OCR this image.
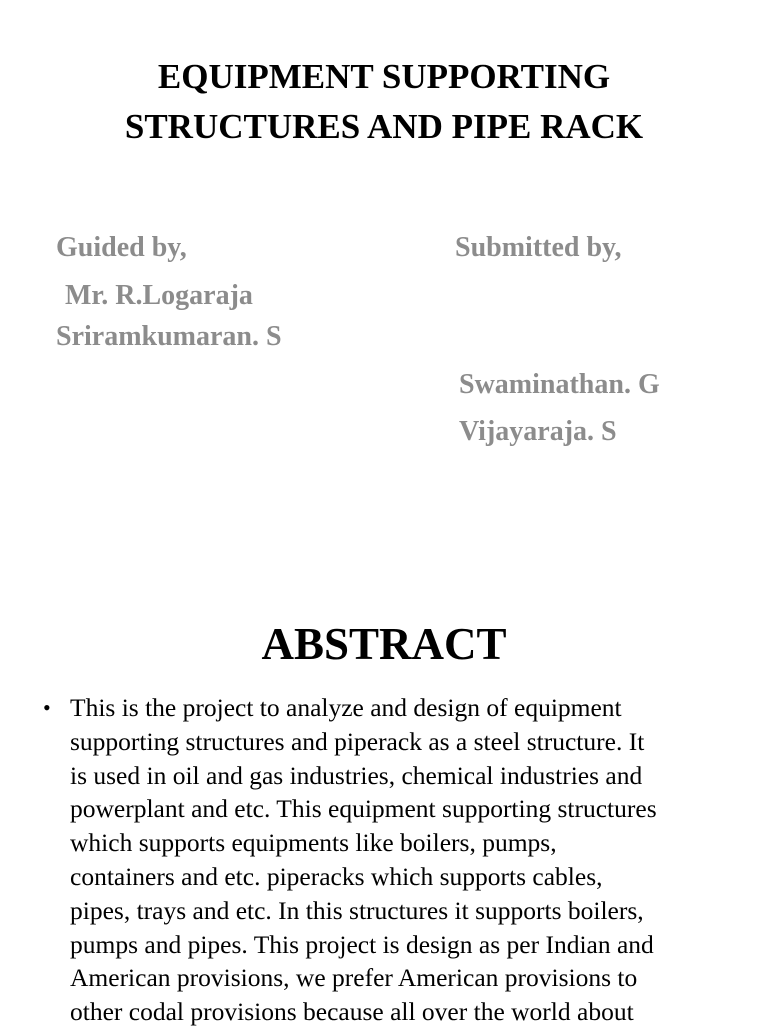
EQUIPMENT SUPPORTING
STRUCTURES AND PIPE RACK
Guided by,	Submitted by,
Mr. R.Logaraja
Sriramkumaran. S
Swaminathan. G
Vijayaraja. S
ABSTRACT
• This is the project to analyze and design of equipment
supporting structures and piperack as a steel structure. It
is used in oil and gas industries, chemical industries and
powerplant and etc. This equipment supporting structures
which supports equipments like boilers, pumps,
containers and etc. piperacks which supports cables,
pipes, trays and etc. In this structures it supports boilers,
pumps and pipes. This project is design as per Indian and
American provisions, we prefer American provisions to
other codal provisions because all over the world about
